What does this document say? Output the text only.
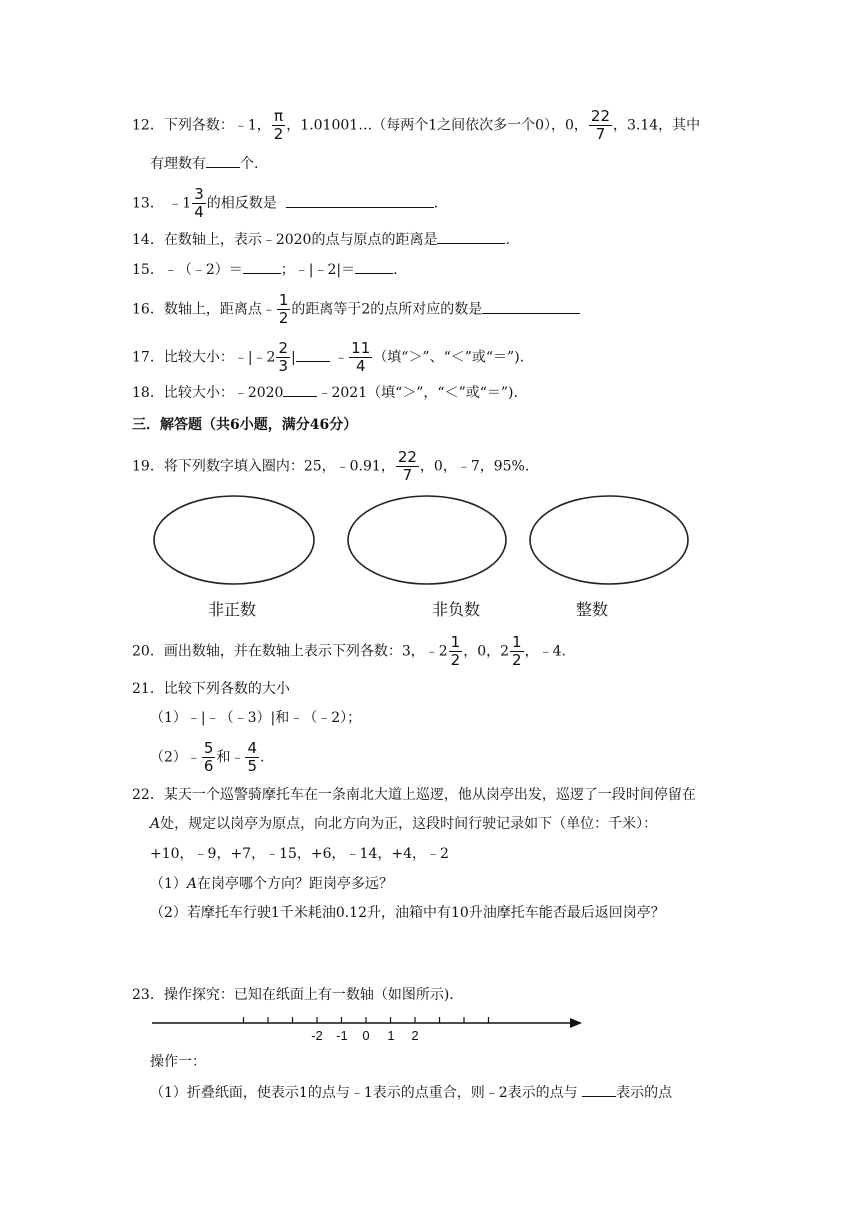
12．下列各数：﹣1， $\frac{\pi}{2}$ ，1.01001…（每两个1之间依次多一个0），0， $\frac{22}{7}$ ，3.14，其中
有理数有 个.
13． ﹣1 $\frac{3}{4}$ 的相反数是	.
14．在数轴上，表示﹣2020的点与原点的距离是	.
15．﹣（﹣2）＝	；﹣|﹣2|＝	.
16．数轴上，距离点﹣ $\frac{1}{2}$ 的距离等于2的点所对应的数是
17．比较大小：﹣|﹣2 $\frac{2}{3}$ |	﹣ $\frac{11}{4}$ （填“＞”、“＜”或“＝”).
18．比较大小：﹣2020 ﹣2021（填“＞”，“＜”或“＝”).
三．解答题（共6小题，满分46分）
19．将下列数字填入圈内：25，﹣0.91， $\frac{22}{7}$ ，0，﹣7，95%.
非正数	非负数	整数
20．画出数轴，并在数轴上表示下列各数：3，﹣2 $\frac{1}{2}$ ，0，$2 \frac{1}{2}$ ，﹣4.
21．比较下列各数的大小
（1）﹣|﹣（﹣3）|和﹣（﹣2）；
（2）﹣ $\frac{5}{6}$ 和﹣ $\frac{4}{5}$ .
22．某天一个巡警骑摩托车在一条南北大道上巡逻，他从岗亭出发，巡逻了一段时间停留在
A处，规定以岗亭为原点，向北方向为正，这段时间行驶记录如下（单位：千米）：
+10，﹣9，+7，﹣15，+6，﹣14，+4，﹣2
（1）A在岗亭哪个方向？距岗亭多远？
（2）若摩托车行驶1千米耗油0.12升，油箱中有10升油摩托车能否最后返回岗亭？
23．操作探究：已知在纸面上有一数轴（如图所示).
-2 -1 0 1 2
操作一：
（1）折叠纸面，使表示1的点与﹣1表示的点重合，则﹣2表示的点与	表示的点
